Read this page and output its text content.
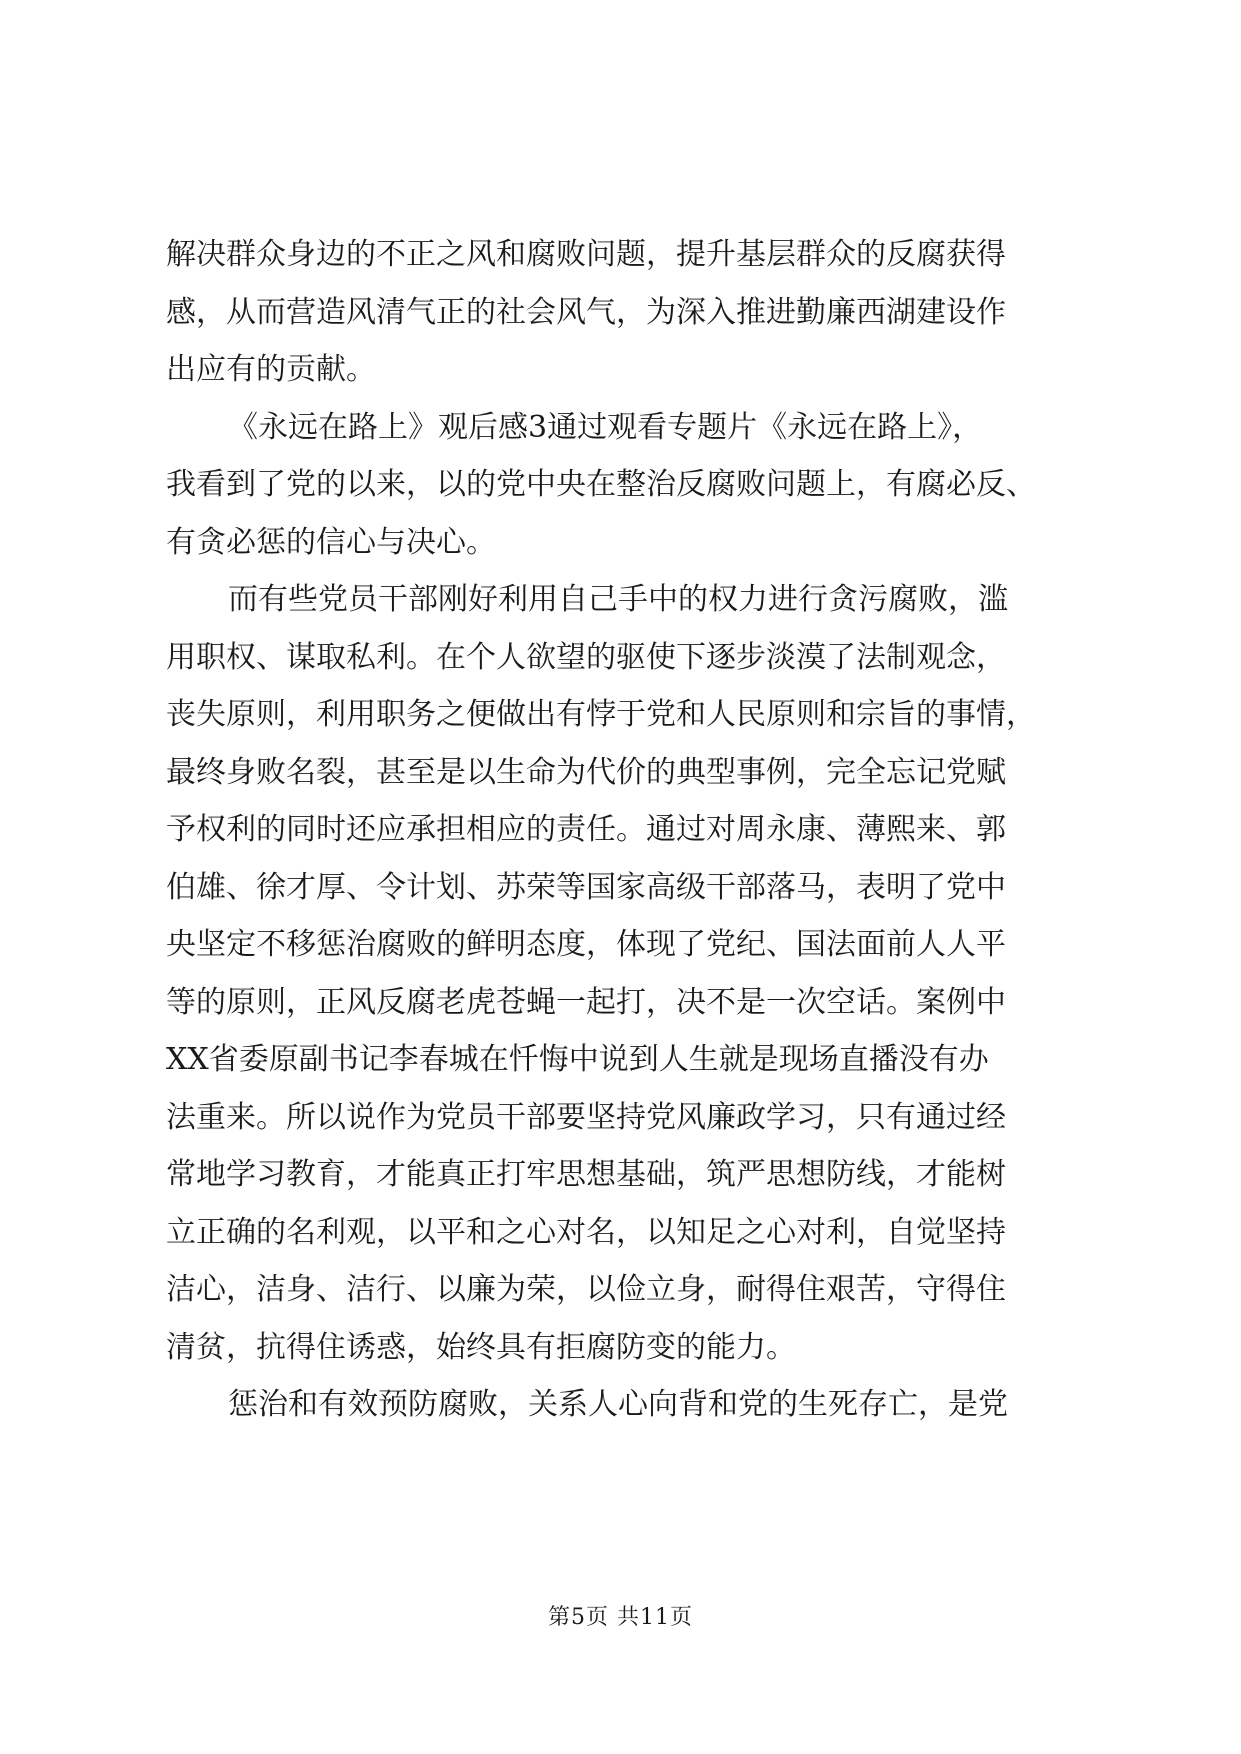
解决群众身边的不正之风和腐败问题，提升基层群众的反腐获得
感，从而营造风清气正的社会风气，为深入推进勤廉西湖建设作
出应有的贡献。
《永远在路上》观后感3通过观看专题片《永远在路上》，
我看到了党的以来，以的党中央在整治反腐败问题上，有腐必反、
有贪必惩的信心与决心。
而有些党员干部刚好利用自己手中的权力进行贪污腐败，滥
用职权、谋取私利。在个人欲望的驱使下逐步淡漠了法制观念，
丧失原则，利用职务之便做出有悖于党和人民原则和宗旨的事情，
最终身败名裂，甚至是以生命为代价的典型事例，完全忘记党赋
予权利的同时还应承担相应的责任。通过对周永康、薄熙来、郭
伯雄、徐才厚、令计划、苏荣等国家高级干部落马，表明了党中
央坚定不移惩治腐败的鲜明态度，体现了党纪、国法面前人人平
等的原则，正风反腐老虎苍蝇一起打，决不是一次空话。案例中
XX省委原副书记李春城在忏悔中说到人生就是现场直播没有办
法重来。所以说作为党员干部要坚持党风廉政学习，只有通过经
常地学习教育，才能真正打牢思想基础，筑严思想防线，才能树
立正确的名利观，以平和之心对名，以知足之心对利，自觉坚持
洁心，洁身、洁行、以廉为荣，以俭立身，耐得住艰苦，守得住
清贫，抗得住诱惑，始终具有拒腐防变的能力。
惩治和有效预防腐败，关系人心向背和党的生死存亡，是党
第5页 共11页
